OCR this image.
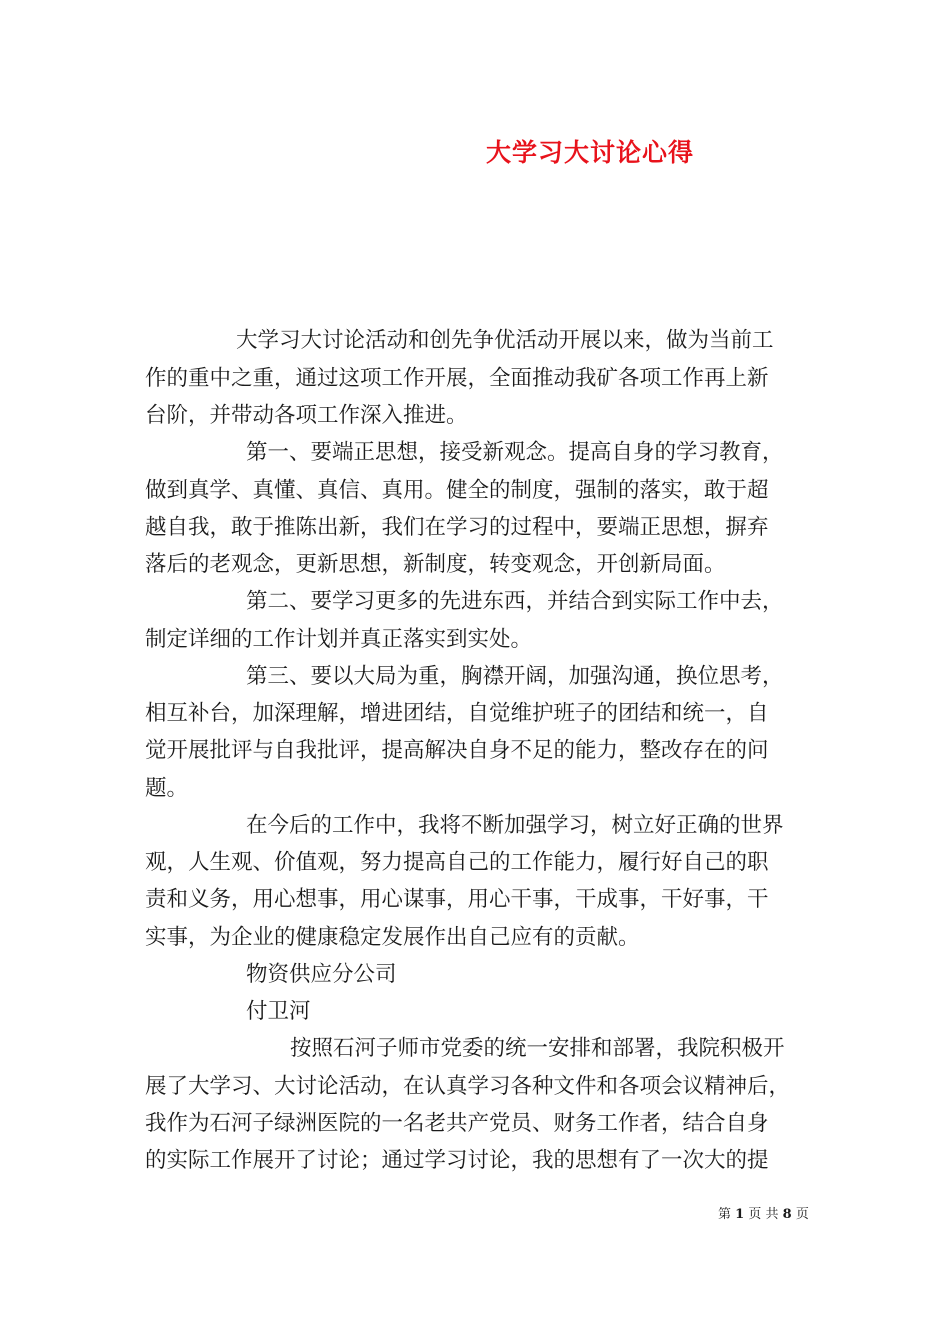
大学习大讨论心得
大学习大讨论活动和创先争优活动开展以来，做为当前工
作的重中之重，通过这项工作开展，全面推动我矿各项工作再上新
台阶，并带动各项工作深入推进。
第一、要端正思想，接受新观念。提高自身的学习教育，
做到真学、真懂、真信、真用。健全的制度，强制的落实，敢于超
越自我，敢于推陈出新，我们在学习的过程中，要端正思想，摒弃
落后的老观念，更新思想，新制度，转变观念，开创新局面。
第二、要学习更多的先进东西，并结合到实际工作中去，
制定详细的工作计划并真正落实到实处。
第三、要以大局为重，胸襟开阔，加强沟通，换位思考，
相互补台，加深理解，增进团结，自觉维护班子的团结和统一，自
觉开展批评与自我批评，提高解决自身不足的能力，整改存在的问
题。
在今后的工作中，我将不断加强学习，树立好正确的世界
观，人生观、价值观，努力提高自己的工作能力，履行好自己的职
责和义务，用心想事，用心谋事，用心干事，干成事，干好事，干
实事，为企业的健康稳定发展作出自己应有的贡献。
物资供应分公司
付卫河
按照石河子师市党委的统一安排和部署，我院积极开
展了大学习、大讨论活动，在认真学习各种文件和各项会议精神后，
我作为石河子绿洲医院的一名老共产党员、财务工作者，结合自身
的实际工作展开了讨论；通过学习讨论，我的思想有了一次大的提
第 1 页 共 8 页
